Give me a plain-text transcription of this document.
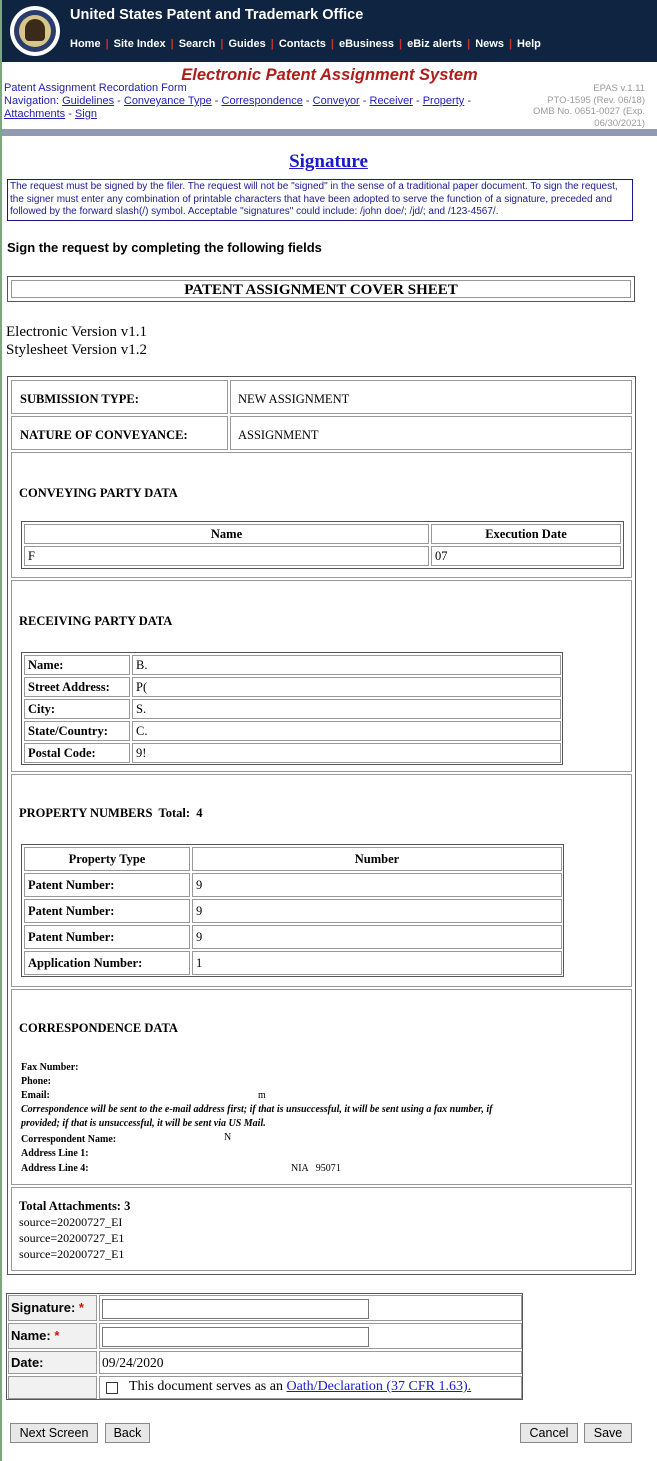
United States Patent and Trademark Office
Home | Site Index | Search | Guides | Contacts | eBusiness | eBiz alerts | News | Help
Electronic Patent Assignment System
Patent Assignment Recordation Form
Navigation: Guidelines - Conveyance Type - Correspondence - Conveyor - Receiver - Property -
Attachments - Sign
EPAS v.1.11
PTO-1595 (Rev. 06/18)
OMB No. 0651-0027 (Exp.
06/30/2021)
Signature
The request must be signed by the filer. The request will not be "signed" in the sense of a traditional paper document. To sign the request, the signer must enter any combination of printable characters that have been adopted to serve the function of a signature, preceded and followed by the forward slash(/) symbol. Acceptable "signatures" could include: /john doe/; /jd/; and /123-4567/.
Sign the request by completing the following fields
PATENT ASSIGNMENT COVER SHEET
Electronic Version v1.1
Stylesheet Version v1.2
SUBMISSION TYPE:	NEW ASSIGNMENT
NATURE OF CONVEYANCE:	ASSIGNMENT
CONVEYING PARTY DATA
Name	Execution Date
F	07
RECEIVING PARTY DATA
Name:	B.
Street Address:	P(
City:	S.
State/Country:	C.
Postal Code:	9!
PROPERTY NUMBERS  Total:  4
Property Type	Number
Patent Number:	9
Patent Number:	9
Patent Number:	9
Application Number:	1
CORRESPONDENCE DATA
Fax Number:
Phone:
Email:	m
Correspondence will be sent to the e-mail address first; if that is unsuccessful, it will be sent using a fax number, if provided; if that is unsuccessful, it will be sent via US Mail.
Correspondent Name:	N
Address Line 1:
Address Line 4:	NIA   95071
Total Attachments: 3
source=20200727_EI
source=20200727_E1
source=20200727_E1
Signature: *
Name: *
Date:	09/24/2020
This document serves as an Oath/Declaration (37 CFR 1.63).
Next Screen	Back	Cancel	Save
